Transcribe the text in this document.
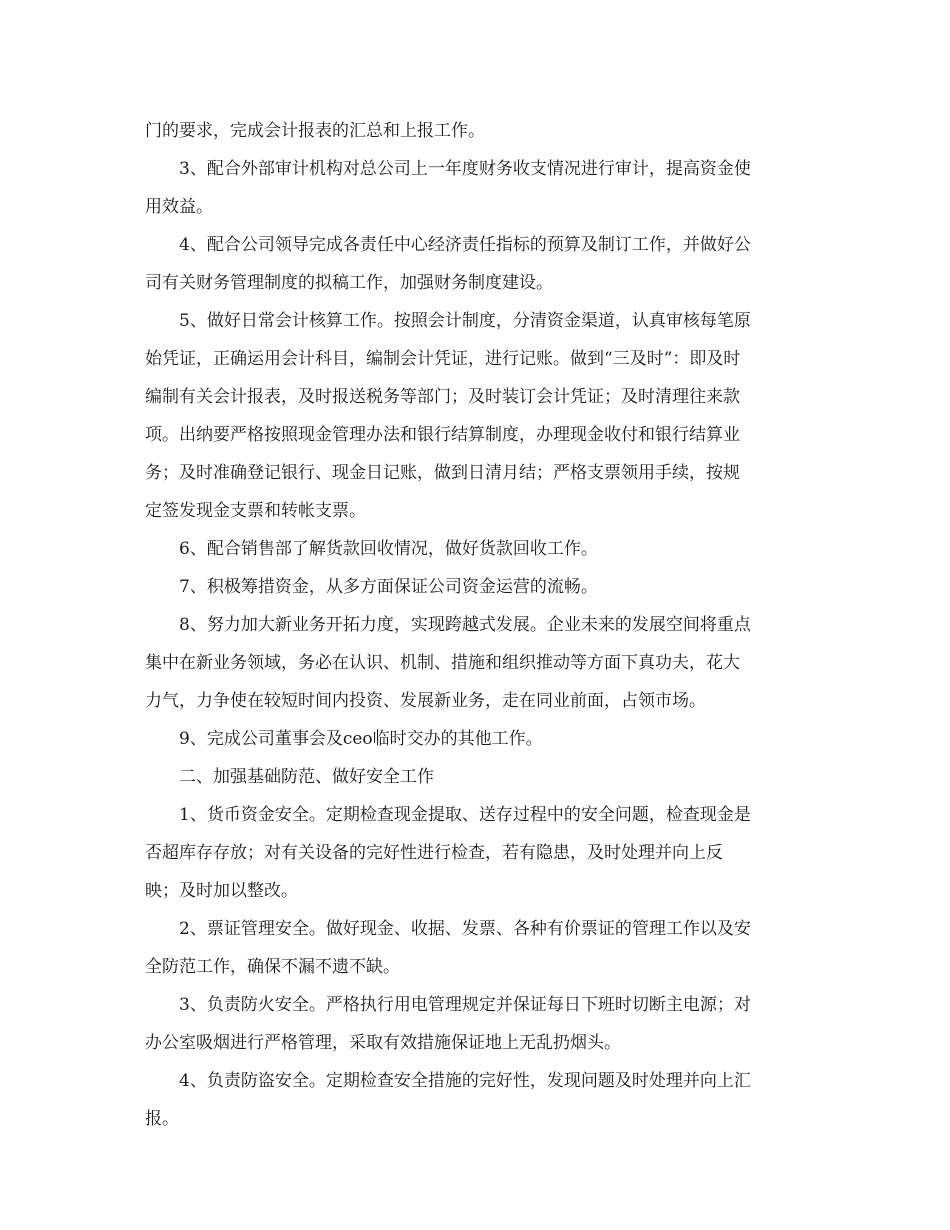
门的要求，完成会计报表的汇总和上报工作。
3、配合外部审计机构对总公司上一年度财务收支情况进行审计，提高资金使
用效益。
4、配合公司领导完成各责任中心经济责任指标的预算及制订工作，并做好公
司有关财务管理制度的拟稿工作，加强财务制度建设。
5、做好日常会计核算工作。按照会计制度，分清资金渠道，认真审核每笔原
始凭证，正确运用会计科目，编制会计凭证，进行记账。做到“三及时”：即及时
编制有关会计报表，及时报送税务等部门；及时装订会计凭证；及时清理往来款
项。出纳要严格按照现金管理办法和银行结算制度，办理现金收付和银行结算业
务；及时准确登记银行、现金日记账，做到日清月结；严格支票领用手续，按规
定签发现金支票和转帐支票。
6、配合销售部了解货款回收情况，做好货款回收工作。
7、积极筹措资金，从多方面保证公司资金运营的流畅。
8、努力加大新业务开拓力度，实现跨越式发展。企业未来的发展空间将重点
集中在新业务领域，务必在认识、机制、措施和组织推动等方面下真功夫，花大
力气，力争使在较短时间内投资、发展新业务，走在同业前面，占领市场。
9、完成公司董事会及ceo临时交办的其他工作。
二、加强基础防范、做好安全工作
1、货币资金安全。定期检查现金提取、送存过程中的安全问题，检查现金是
否超库存存放；对有关设备的完好性进行检查，若有隐患，及时处理并向上反
映；及时加以整改。
2、票证管理安全。做好现金、收据、发票、各种有价票证的管理工作以及安
全防范工作，确保不漏不遗不缺。
3、负责防火安全。严格执行用电管理规定并保证每日下班时切断主电源；对
办公室吸烟进行严格管理，采取有效措施保证地上无乱扔烟头。
4、负责防盗安全。定期检查安全措施的完好性，发现问题及时处理并向上汇
报。
